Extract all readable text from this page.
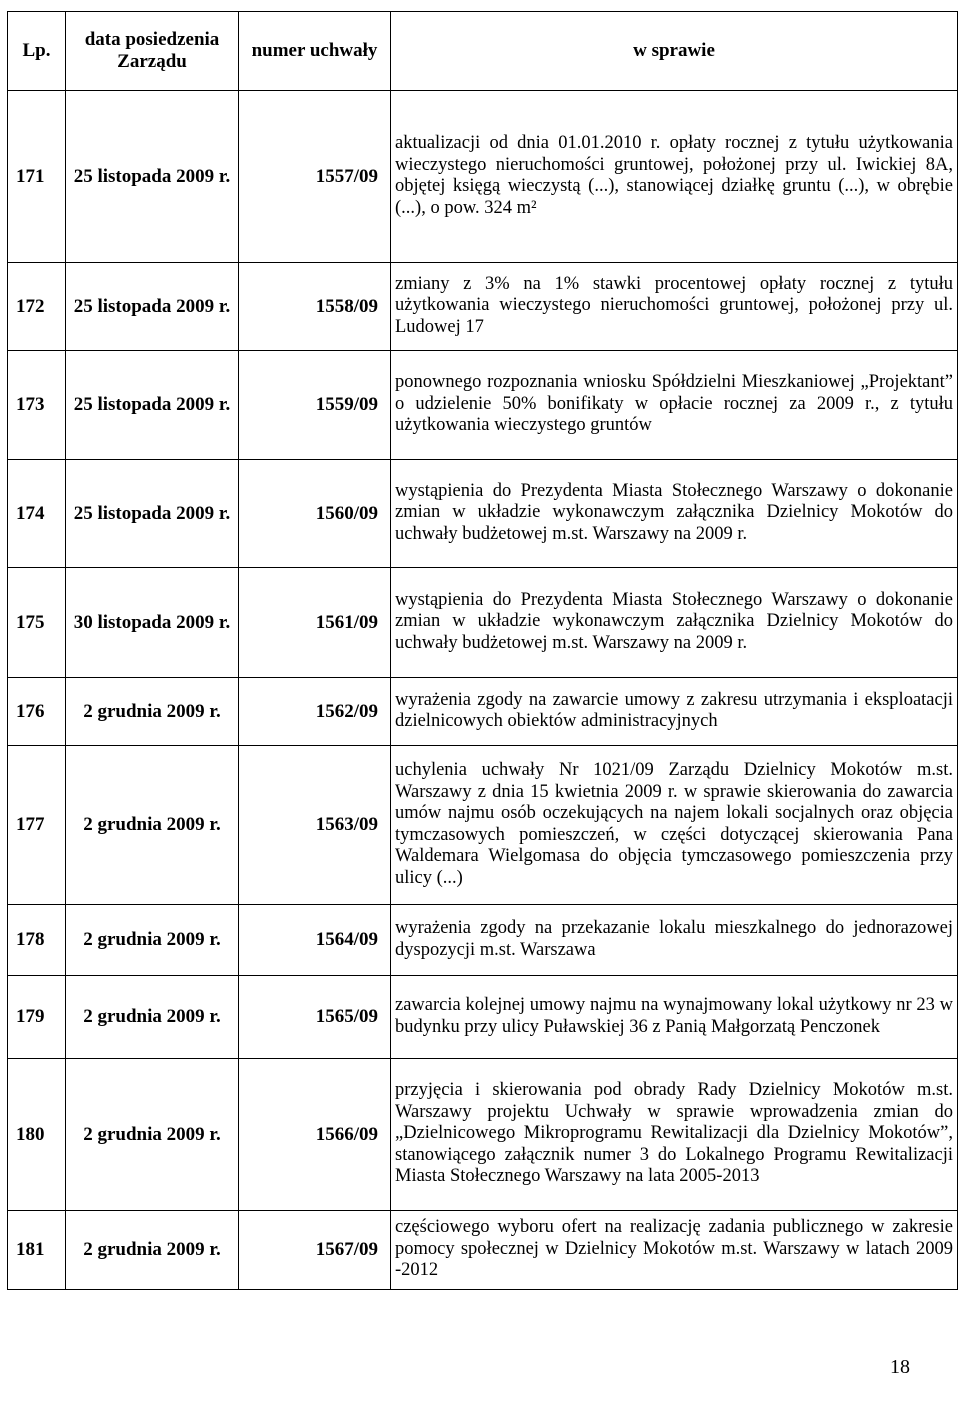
Lp.	data posiedzenia Zarządu	numer uchwały	w sprawie
171	25 listopada 2009 r.	1557/09	aktualizacji od dnia 01.01.2010 r. opłaty rocznej z tytułu użytkowania wieczystego nieruchomości gruntowej, położonej przy ul. Iwickiej 8A, objętej księgą wieczystą (...), stanowiącej działkę gruntu (...), w obrębie (...), o pow. 324 m²
172	25 listopada 2009 r.	1558/09	zmiany z 3% na 1% stawki procentowej opłaty rocznej z tytułu użytkowania wieczystego nieruchomości gruntowej, położonej przy ul. Ludowej 17
173	25 listopada 2009 r.	1559/09	ponownego rozpoznania wniosku Spółdzielni Mieszkaniowej „Projektant” o udzielenie 50% bonifikaty w opłacie rocznej za 2009 r., z tytułu użytkowania wieczystego gruntów
174	25 listopada 2009 r.	1560/09	wystąpienia do Prezydenta Miasta Stołecznego Warszawy o dokonanie zmian w układzie wykonawczym załącznika Dzielnicy Mokotów do uchwały budżetowej m.st. Warszawy na 2009 r.
175	30 listopada 2009 r.	1561/09	wystąpienia do Prezydenta Miasta Stołecznego Warszawy o dokonanie zmian w układzie wykonawczym załącznika Dzielnicy Mokotów do uchwały budżetowej m.st. Warszawy na 2009 r.
176	2 grudnia 2009 r.	1562/09	wyrażenia zgody na zawarcie umowy z zakresu utrzymania i eksploatacji dzielnicowych obiektów administracyjnych
177	2 grudnia 2009 r.	1563/09	uchylenia uchwały Nr 1021/09 Zarządu Dzielnicy Mokotów m.st. Warszawy z dnia 15 kwietnia 2009 r. w sprawie skierowania do zawarcia umów najmu osób oczekujących na najem lokali socjalnych oraz objęcia tymczasowych pomieszczeń, w części dotyczącej skierowania Pana Waldemara Wielgomasa do objęcia tymczasowego pomieszczenia przy ulicy (...)
178	2 grudnia 2009 r.	1564/09	wyrażenia zgody na przekazanie lokalu mieszkalnego do jednorazowej dyspozycji m.st. Warszawa
179	2 grudnia 2009 r.	1565/09	zawarcia kolejnej umowy najmu na wynajmowany lokal użytkowy nr 23 w budynku przy ulicy Puławskiej 36 z Panią Małgorzatą Penczonek
180	2 grudnia 2009 r.	1566/09	przyjęcia i skierowania pod obrady Rady Dzielnicy Mokotów m.st. Warszawy projektu Uchwały w sprawie wprowadzenia zmian do „Dzielnicowego Mikroprogramu Rewitalizacji dla Dzielnicy Mokotów”, stanowiącego załącznik numer 3 do Lokalnego Programu Rewitalizacji Miasta Stołecznego Warszawy na lata 2005-2013
181	2 grudnia 2009 r.	1567/09	częściowego wyboru ofert na realizację zadania publicznego w zakresie pomocy społecznej w Dzielnicy Mokotów m.st. Warszawy w latach 2009 -2012
18
